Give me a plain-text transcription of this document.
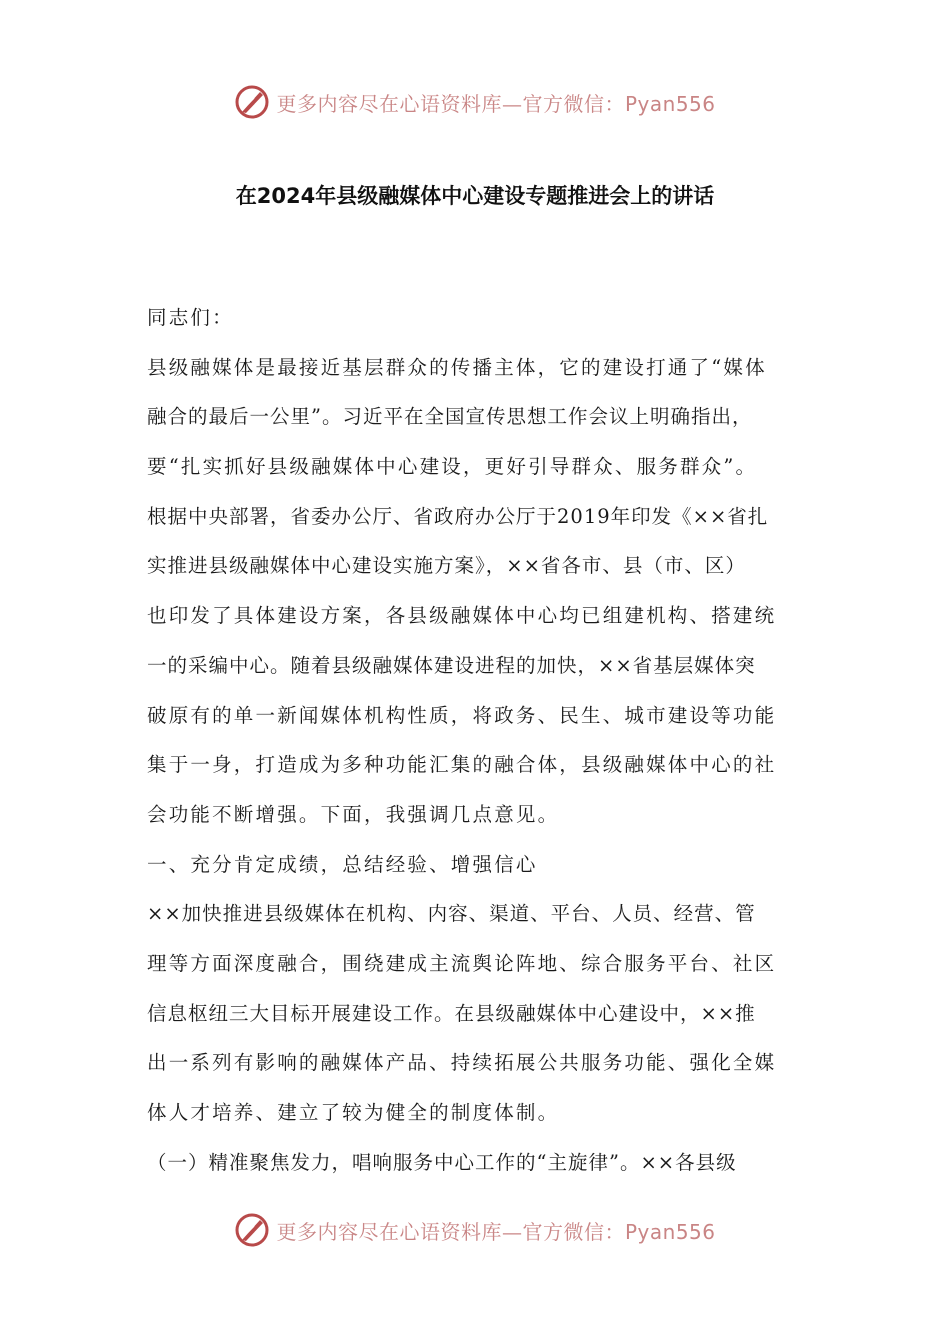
更多内容尽在心语资料库—官方微信：Pyan556
在2024年县级融媒体中心建设专题推进会上的讲话
同志们：
县级融媒体是最接近基层群众的传播主体，它的建设打通了“媒体
融合的最后一公里”。习近平在全国宣传思想工作会议上明确指出，
要“扎实抓好县级融媒体中心建设，更好引导群众、服务群众”。
根据中央部署，省委办公厅、省政府办公厅于2019年印发《××省扎
实推进县级融媒体中心建设实施方案》，××省各市、县（市、区）
也印发了具体建设方案，各县级融媒体中心均已组建机构、搭建统
一的采编中心。随着县级融媒体建设进程的加快，××省基层媒体突
破原有的单一新闻媒体机构性质，将政务、民生、城市建设等功能
集于一身，打造成为多种功能汇集的融合体，县级融媒体中心的社
会功能不断增强。下面，我强调几点意见。
一、充分肯定成绩，总结经验、增强信心
××加快推进县级媒体在机构、内容、渠道、平台、人员、经营、管
理等方面深度融合，围绕建成主流舆论阵地、综合服务平台、社区
信息枢纽三大目标开展建设工作。在县级融媒体中心建设中，××推
出一系列有影响的融媒体产品、持续拓展公共服务功能、强化全媒
体人才培养、建立了较为健全的制度体制。
（一）精准聚焦发力，唱响服务中心工作的“主旋律”。××各县级
更多内容尽在心语资料库—官方微信：Pyan556
